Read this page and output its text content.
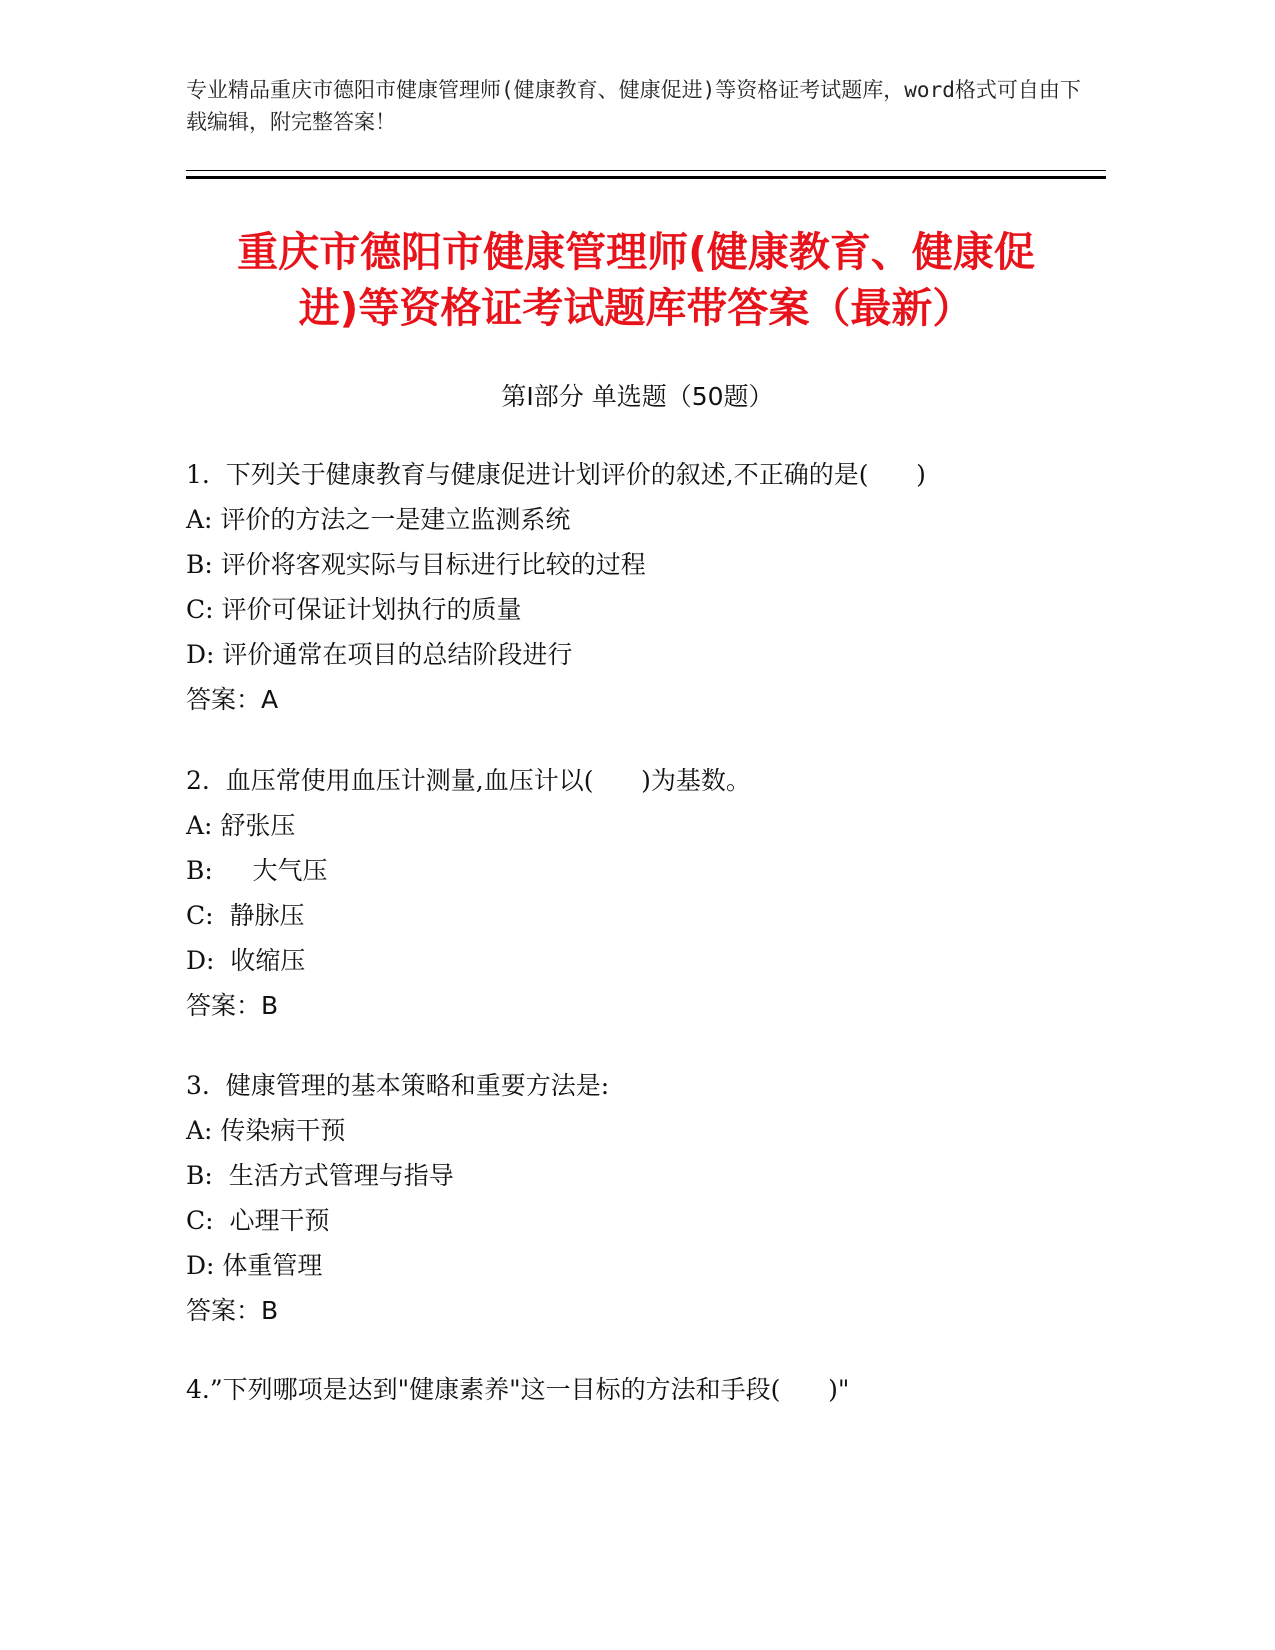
专业精品重庆市德阳市健康管理师(健康教育、健康促进)等资格证考试题库，word格式可自由下载编辑，附完整答案！
重庆市德阳市健康管理师(健康教育、健康促
进)等资格证考试题库带答案（最新）
第Ⅰ部分 单选题（50题）
1.  下列关于健康教育与健康促进计划评价的叙述,不正确的是(      )
A: 评价的方法之一是建立监测系统
B: 评价将客观实际与目标进行比较的过程
C: 评价可保证计划执行的质量
D: 评价通常在项目的总结阶段进行
答案：A
2.  血压常使用血压计测量,血压计以(      )为基数。
A: 舒张压
B:     大气压
C:  静脉压
D:  收缩压
答案：B
3.  健康管理的基本策略和重要方法是:
A: 传染病干预
B:  生活方式管理与指导
C:  心理干预
D: 体重管理
答案：B
4.”下列哪项是达到"健康素养"这一目标的方法和手段(      )"
